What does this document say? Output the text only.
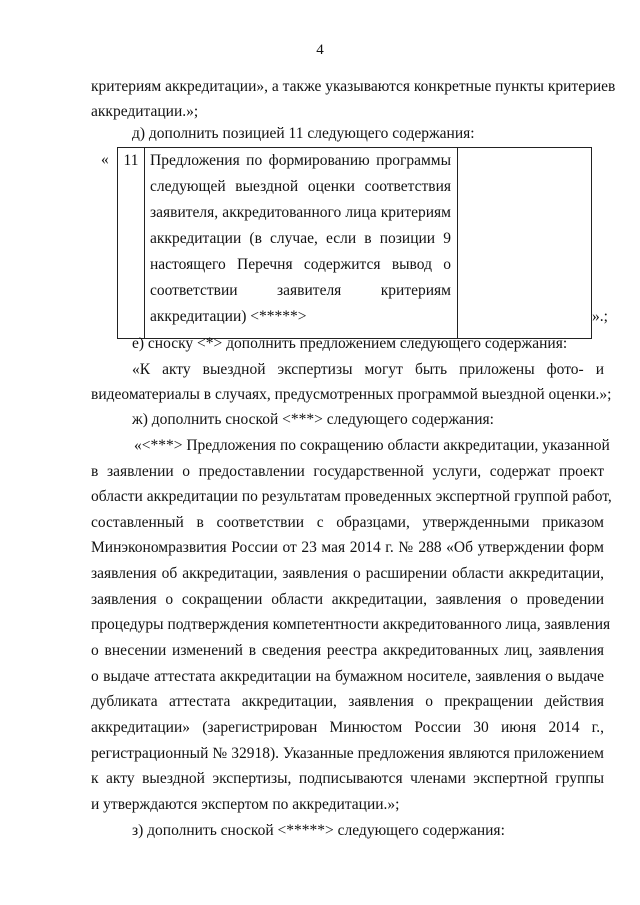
4
критериям аккредитации», а также указываются конкретные пункты критериев
аккредитации.»;
д) дополнить позицией 11 следующего содержания:
« 11	Предложения по формированию программы
следующей выездной оценки соответствия
заявителя, аккредитованного лица критериям
аккредитации (в случае, если в позиции 9
настоящего Перечня содержится вывод о
соответствии заявителя критериям
аккредитации) <*****>
		».;
е) сноску <*> дополнить предложением следующего содержания:
«К акту выездной экспертизы могут быть приложены фото- и
видеоматериалы в случаях, предусмотренных программой выездной оценки.»;
ж) дополнить сноской <***> следующего содержания:
«<***> Предложения по сокращению области аккредитации, указанной
в заявлении о предоставлении государственной услуги, содержат проект
области аккредитации по результатам проведенных экспертной группой работ,
составленный в соответствии с образцами, утвержденными приказом
Минэкономразвития России от 23 мая 2014 г. № 288 «Об утверждении форм
заявления об аккредитации, заявления о расширении области аккредитации,
заявления о сокращении области аккредитации, заявления о проведении
процедуры подтверждения компетентности аккредитованного лица, заявления
о внесении изменений в сведения реестра аккредитованных лиц, заявления
о выдаче аттестата аккредитации на бумажном носителе, заявления о выдаче
дубликата аттестата аккредитации, заявления о прекращении действия
аккредитации» (зарегистрирован Минюстом России 30 июня 2014 г.,
регистрационный № 32918). Указанные предложения являются приложением
к акту выездной экспертизы, подписываются членами экспертной группы
и утверждаются экспертом по аккредитации.»;
з) дополнить сноской <*****> следующего содержания:
